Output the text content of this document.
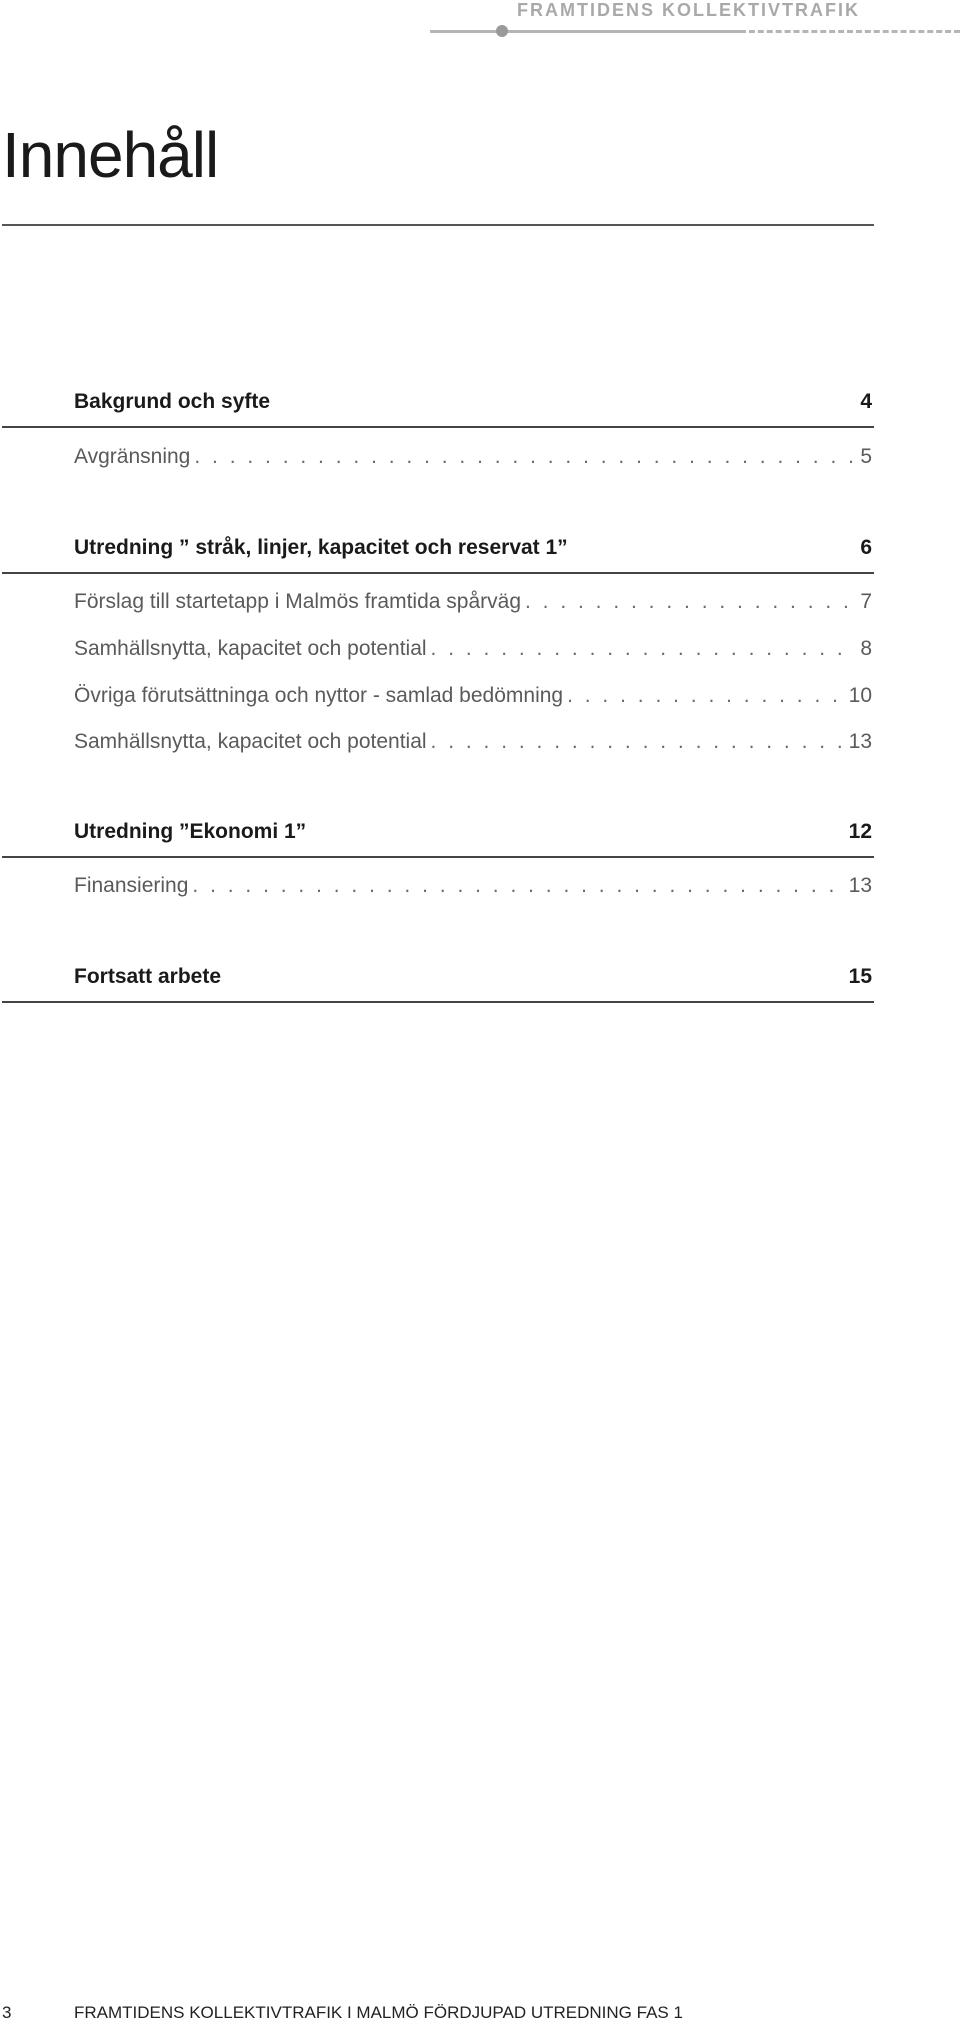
FRAMTIDENS KOLLEKTIVTRAFIK
Innehåll
Bakgrund och syfte	4
Avgränsning . . .	5
Utredning ” stråk, linjer, kapacitet och reservat 1”	6
Förslag till startetapp i Malmös framtida spårväg . . .	7
Samhällsnytta, kapacitet och potential . . .	8
Övriga förutsättninga och nyttor - samlad bedömning . . .	10
Samhällsnytta, kapacitet och potential . . .	13
Utredning ”Ekonomi 1”	12
Finansiering . . .	13
Fortsatt arbete	15
3	FRAMTIDENS KOLLEKTIVTRAFIK I MALMÖ FÖRDJUPAD UTREDNING FAS 1
